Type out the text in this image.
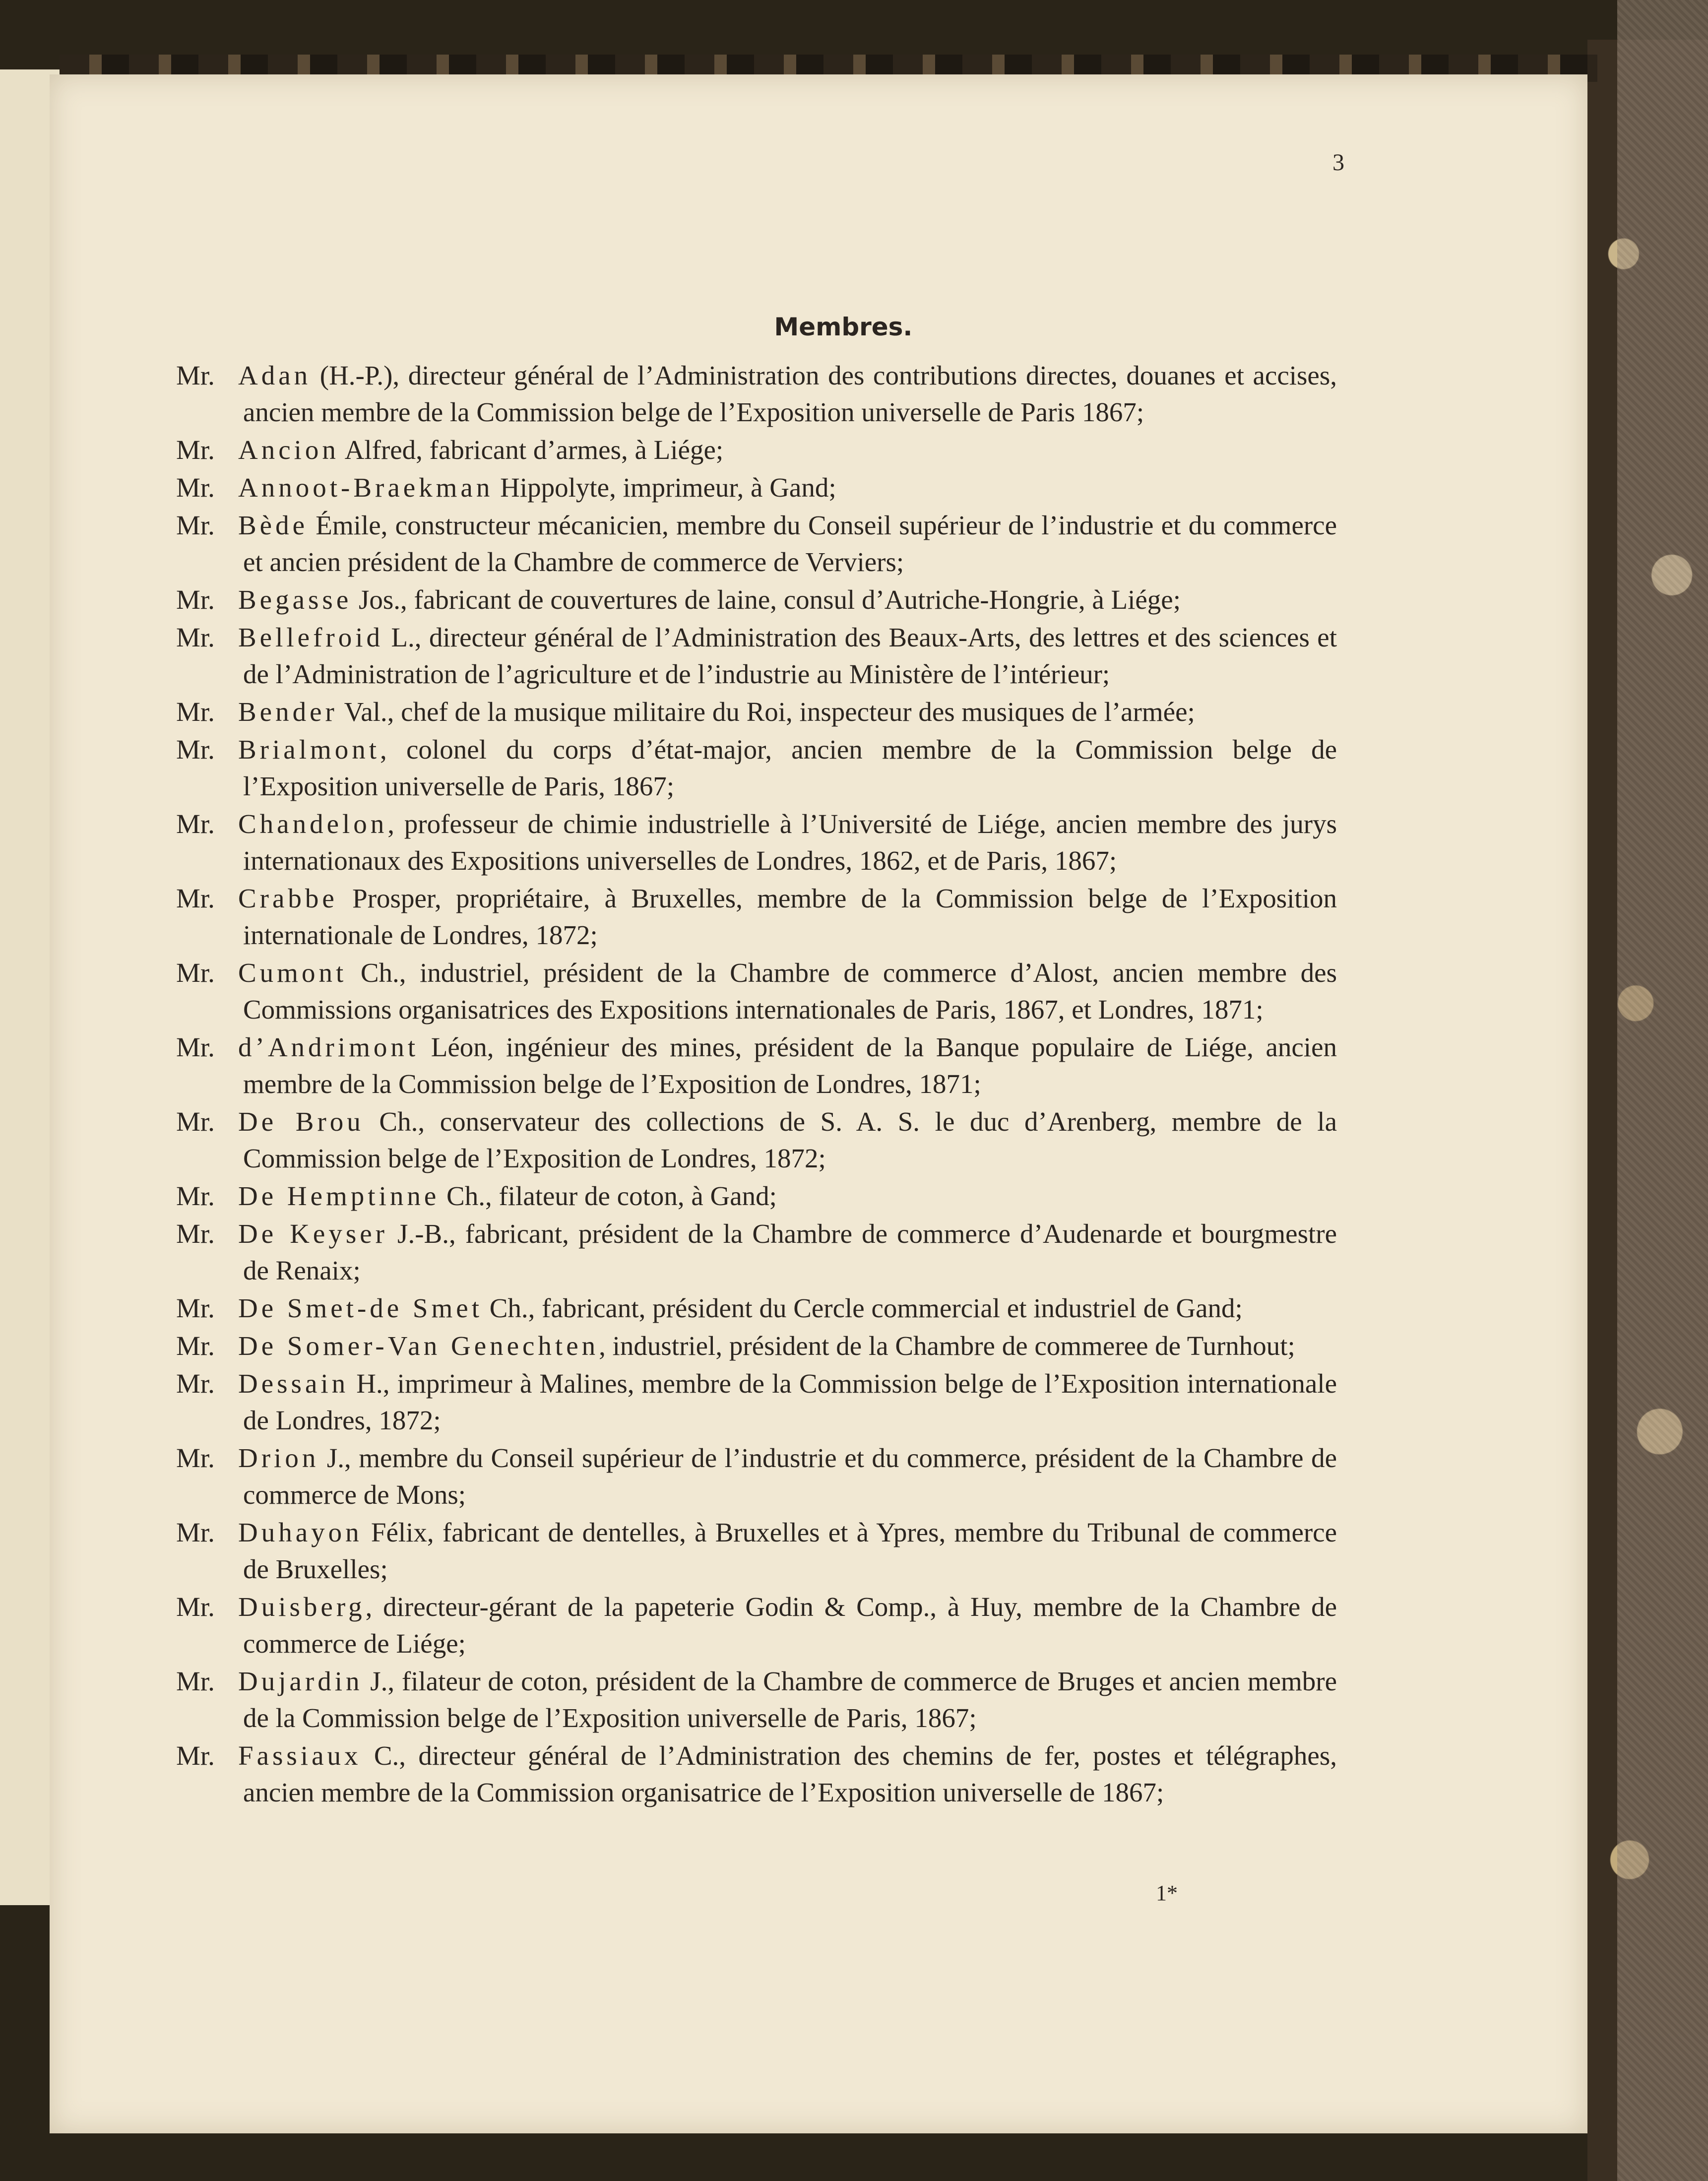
3
Membres.
Mr. Adan (H.-P.), directeur général de l’Administration des contributions directes, douanes et accises, ancien membre de la Commission belge de l’Exposition universelle de Paris 1867;
Mr. Ancion Alfred, fabricant d’armes, à Liége;
Mr. Annoot-Braekman Hippolyte, imprimeur, à Gand;
Mr. Bède Émile, constructeur mécanicien, membre du Conseil supérieur de l’industrie et du commerce et ancien président de la Chambre de commerce de Verviers;
Mr. Begasse Jos., fabricant de couvertures de laine, consul d’Autriche-Hongrie, à Liége;
Mr. Bellefroid L., directeur général de l’Administration des Beaux-Arts, des lettres et des sciences et de l’Administration de l’agriculture et de l’industrie au Ministère de l’intérieur;
Mr. Bender Val., chef de la musique militaire du Roi, inspecteur des musiques de l’armée;
Mr. Brialmont, colonel du corps d’état-major, ancien membre de la Commission belge de l’Exposition universelle de Paris, 1867;
Mr. Chandelon, professeur de chimie industrielle à l’Université de Liége, ancien membre des jurys internationaux des Expositions universelles de Londres, 1862, et de Paris, 1867;
Mr. Crabbe Prosper, propriétaire, à Bruxelles, membre de la Commission belge de l’Exposition internationale de Londres, 1872;
Mr. Cumont Ch., industriel, président de la Chambre de commerce d’Alost, ancien membre des Commissions organisatrices des Expositions internationales de Paris, 1867, et Londres, 1871;
Mr. d’Andrimont Léon, ingénieur des mines, président de la Banque populaire de Liége, ancien membre de la Commission belge de l’Exposition de Londres, 1871;
Mr. De Brou Ch., conservateur des collections de S. A. S. le duc d’Arenberg, membre de la Commission belge de l’Exposition de Londres, 1872;
Mr. De Hemptinne Ch., filateur de coton, à Gand;
Mr. De Keyser J.-B., fabricant, président de la Chambre de commerce d’Audenarde et bourgmestre de Renaix;
Mr. De Smet-de Smet Ch., fabricant, président du Cercle commercial et industriel de Gand;
Mr. De Somer-Van Genechten, industriel, président de la Chambre de commeree de Turnhout;
Mr. Dessain H., imprimeur à Malines, membre de la Commission belge de l’Exposition internationale de Londres, 1872;
Mr. Drion J., membre du Conseil supérieur de l’industrie et du commerce, président de la Chambre de commerce de Mons;
Mr. Duhayon Félix, fabricant de dentelles, à Bruxelles et à Ypres, membre du Tribunal de commerce de Bruxelles;
Mr. Duisberg, directeur-gérant de la papeterie Godin & Comp., à Huy, membre de la Chambre de commerce de Liége;
Mr. Dujardin J., filateur de coton, président de la Chambre de commerce de Bruges et ancien membre de la Commission belge de l’Exposition universelle de Paris, 1867;
Mr. Fassiaux C., directeur général de l’Administration des chemins de fer, postes et télégraphes, ancien membre de la Commission organisatrice de l’Exposition universelle de 1867;
1*
